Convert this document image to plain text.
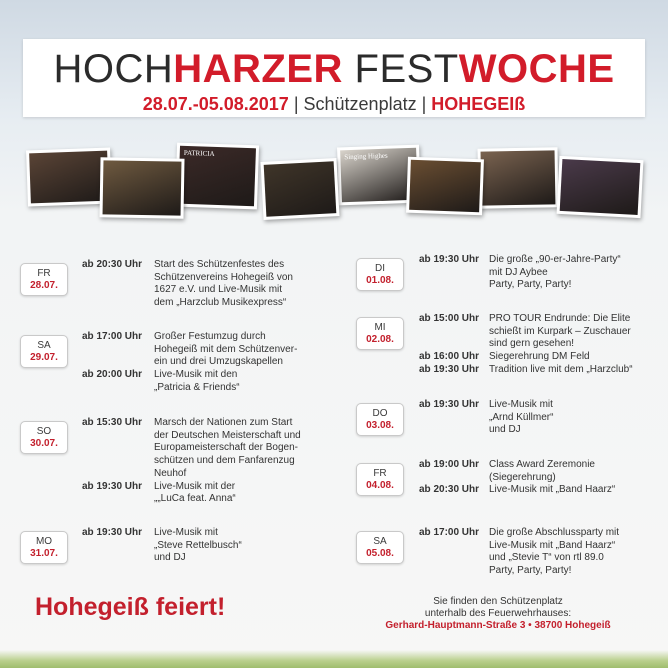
HOCHHARZER FESTWOCHE
28.07.-05.08.2017 | Schützenplatz | HOHEGEIß
PATRICIA	Singing Highes
FR
28.07.
ab 20:30 Uhr Start des Schützenfestes des
Schützenvereins Hohegeiß von
1627 e.V. und Live-Musik mit
dem „Harzclub Musikexpress“
SA
29.07.
ab 17:00 Uhr Großer Festumzug durch
Hohegeiß mit dem Schützenver-
ein und drei Umzugskapellen
ab 20:00 Uhr Live-Musik mit den
„Patricia & Friends“
SO
30.07.
ab 15:30 Uhr Marsch der Nationen zum Start
der Deutschen Meisterschaft und
Europameisterschaft der Bogen-
schützen und dem Fanfarenzug
Neuhof
ab 19:30 Uhr Live-Musik mit der
„„LuCa feat. Anna“
MO
31.07.
ab 19:30 Uhr Live-Musik mit
„Steve Rettelbusch“
und DJ
DI
01.08.
ab 19:30 Uhr Die große „90-er-Jahre-Party“
mit DJ Aybee
Party, Party, Party!
MI
02.08.
ab 15:00 Uhr PRO TOUR Endrunde: Die Elite
schießt im Kurpark – Zuschauer
sind gern gesehen!
ab 16:00 Uhr Siegerehrung DM Feld
ab 19:30 Uhr Tradition live mit dem „Harzclub“
DO
03.08.
ab 19:30 Uhr Live-Musik mit
„Arnd Küllmer“
und DJ
FR
04.08.
ab 19:00 Uhr Class Award Zeremonie
(Siegerehrung)
ab 20:30 Uhr Live-Musik mit „Band Haarz“
SA
05.08.
ab 17:00 Uhr Die große Abschlussparty mit
Live-Musik mit „Band Haarz“
und „Stevie T“ von rtl 89.0
Party, Party, Party!
Hohegeiß feiert!	Sie finden den Schützenplatz
unterhalb des Feuerwehrhauses:
Gerhard-Hauptmann-Straße 3 • 38700 Hohegeiß
